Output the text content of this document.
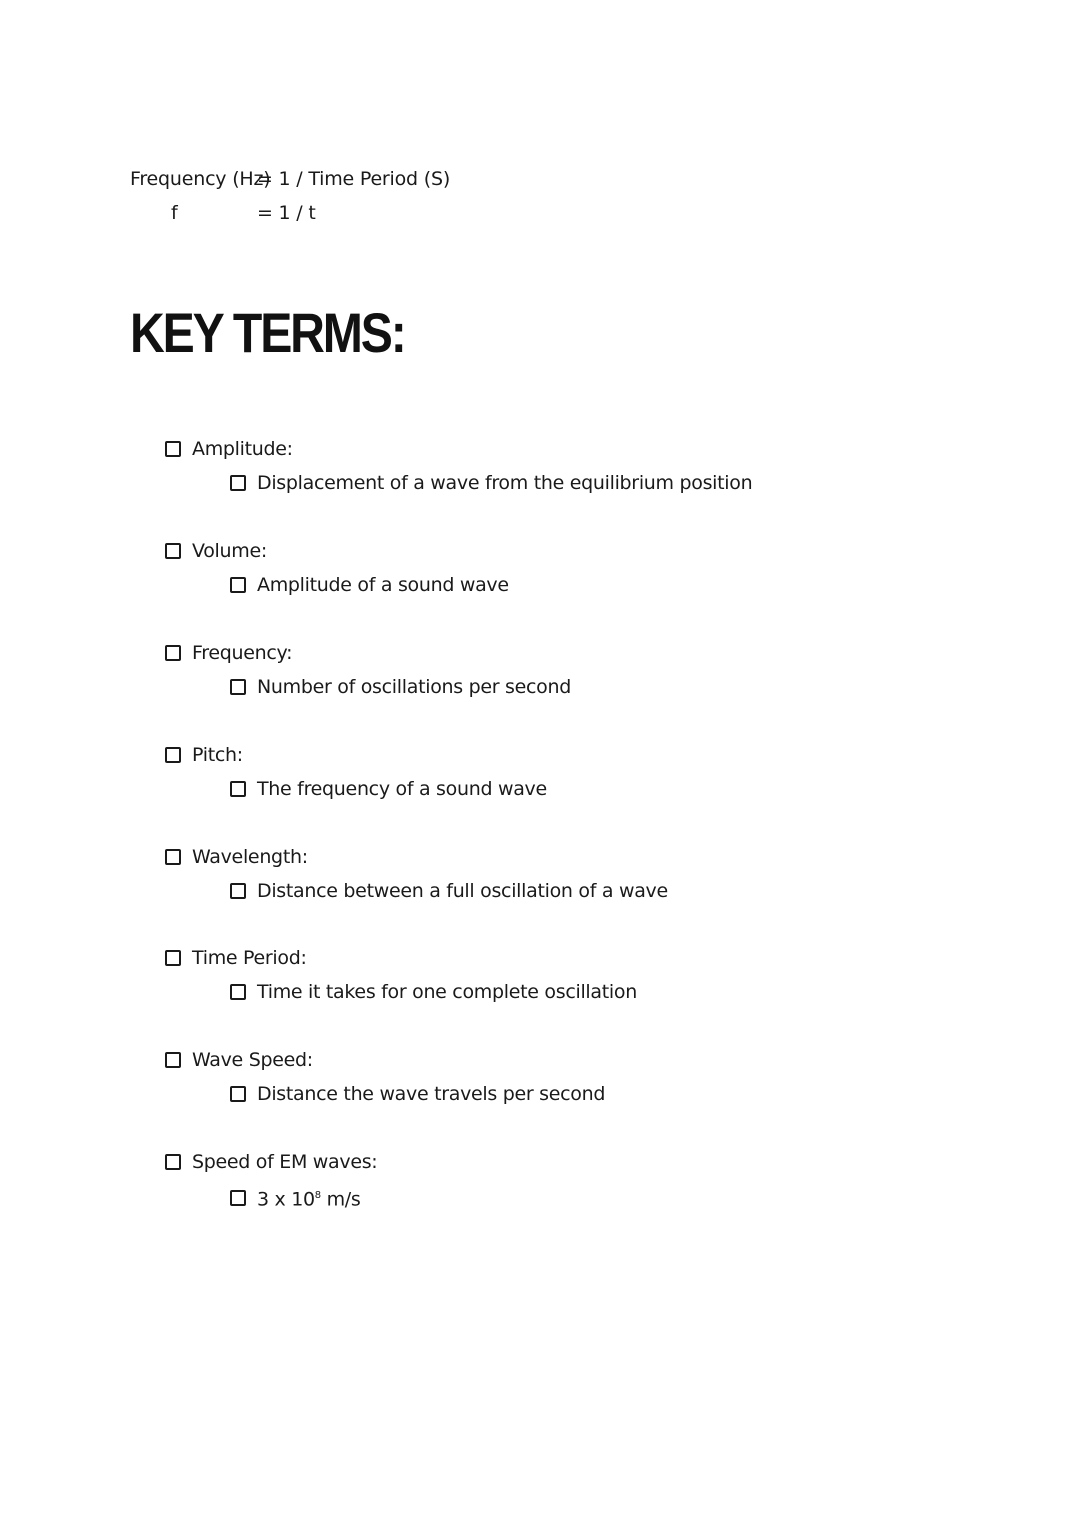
Frequency (Hz)
= 1 / Time Period (S)
f	= 1 / t
KEY TERMS:
Amplitude:
Displacement of a wave from the equilibrium position
Volume:
Amplitude of a sound wave
Frequency:
Number of oscillations per second
Pitch:
The frequency of a sound wave
Wavelength:
Distance between a full oscillation of a wave
Time Period:
Time it takes for one complete oscillation
Wave Speed:
Distance the wave travels per second
Speed of EM waves:
3 x $10^8$ m/s
